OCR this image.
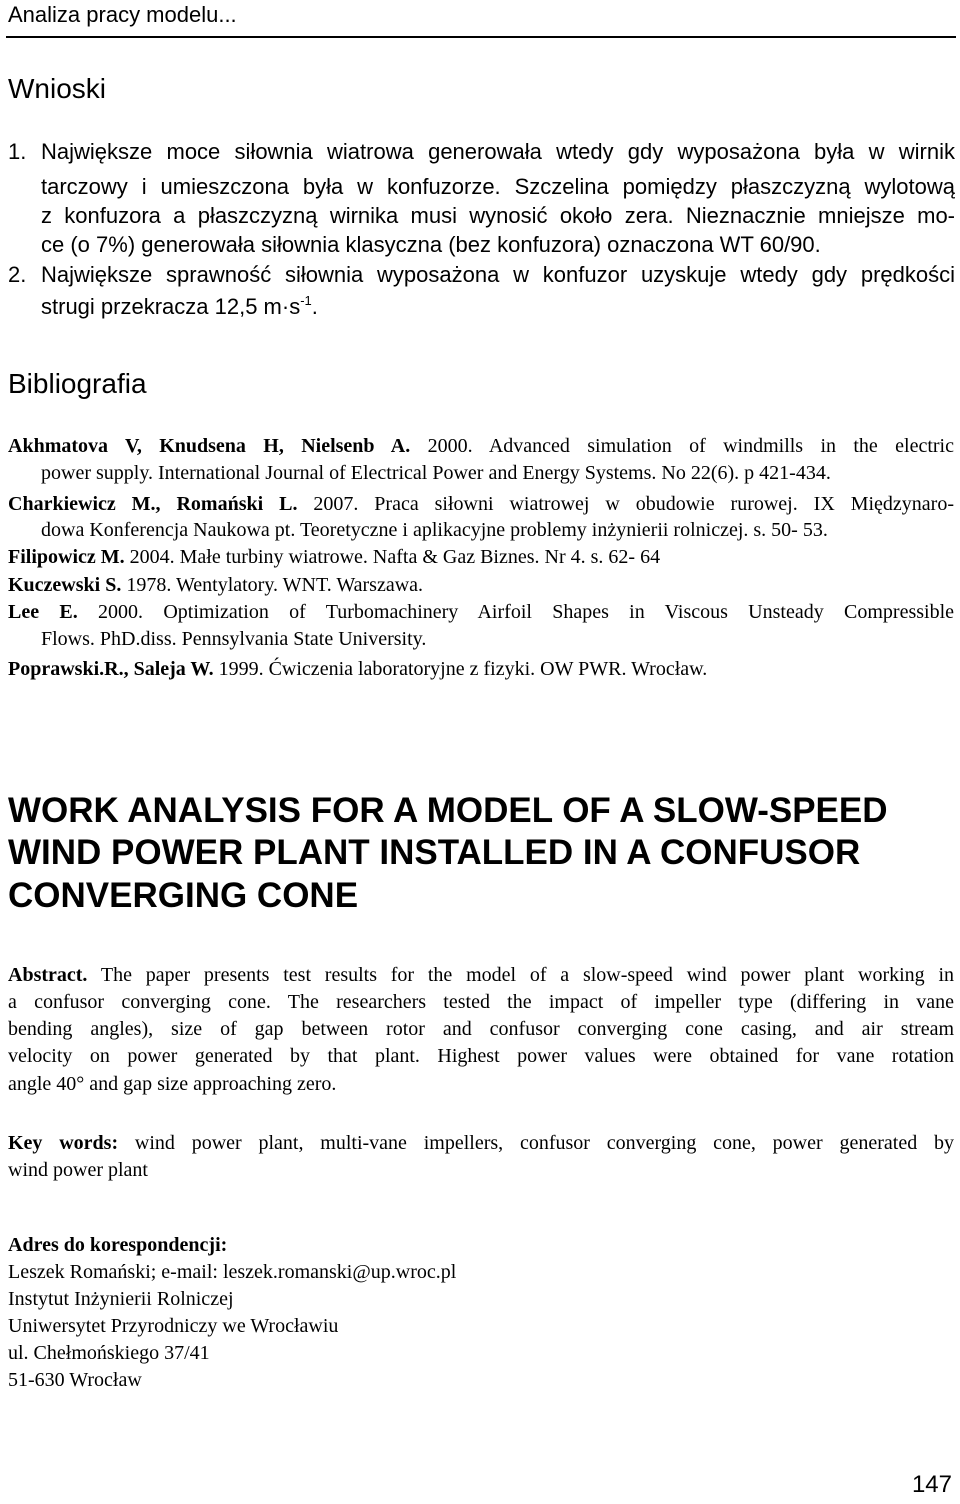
Analiza pracy modelu...
Wnioski
1. Największe moce siłownia wiatrowa generowała wtedy gdy wyposażona była w wirnik
tarczowy i umieszczona była w konfuzorze. Szczelina pomiędzy płaszczyzną wylotową
z konfuzora a płaszczyzną wirnika musi wynosić około zera. Nieznacznie mniejsze mo-
ce (o 7%) generowała siłownia klasyczna (bez konfuzora) oznaczona WT 60/90.
2. Największe sprawność siłownia wyposażona w konfuzor uzyskuje wtedy gdy prędkości
strugi przekracza 12,5 $m\cdot s^{-1}$.
Bibliografia
Akhmatova V, Knudsena H, Nielsenb A. 2000. Advanced simulation of windmills in the electric
power supply. International Journal of Electrical Power and Energy Systems. No 22(6). p 421-434.
Charkiewicz M., Romański L. 2007. Praca siłowni wiatrowej w obudowie rurowej. IX Międzynaro-
dowa Konferencja Naukowa pt. Teoretyczne i aplikacyjne problemy inżynierii rolniczej. s. 50- 53.
Filipowicz M. 2004. Małe turbiny wiatrowe. Nafta & Gaz Biznes. Nr 4. s. 62- 64
Kuczewski S. 1978. Wentylatory. WNT. Warszawa.
Lee E. 2000. Optimization of Turbomachinery Airfoil Shapes in Viscous Unsteady Compressible
Flows. PhD.diss. Pennsylvania State University.
Poprawski.R., Saleja W. 1999. Ćwiczenia laboratoryjne z fizyki. OW PWR. Wrocław.
WORK ANALYSIS FOR A MODEL OF A SLOW-SPEED
WIND POWER PLANT INSTALLED IN A CONFUSOR
CONVERGING CONE
Abstract. The paper presents test results for the model of a slow-speed wind power plant working in
a confusor converging cone. The researchers tested the impact of impeller type (differing in vane
bending angles), size of gap between rotor and confusor converging cone casing, and air stream
velocity on power generated by that plant. Highest power values were obtained for vane rotation
angle 40° and gap size approaching zero.
Key words: wind power plant, multi-vane impellers, confusor converging cone, power generated by
wind power plant
Adres do korespondencji:
Leszek Romański; e-mail: leszek.romanski@up.wroc.pl
Instytut Inżynierii Rolniczej
Uniwersytet Przyrodniczy we Wrocławiu
ul. Chełmońskiego 37/41
51-630 Wrocław
147
